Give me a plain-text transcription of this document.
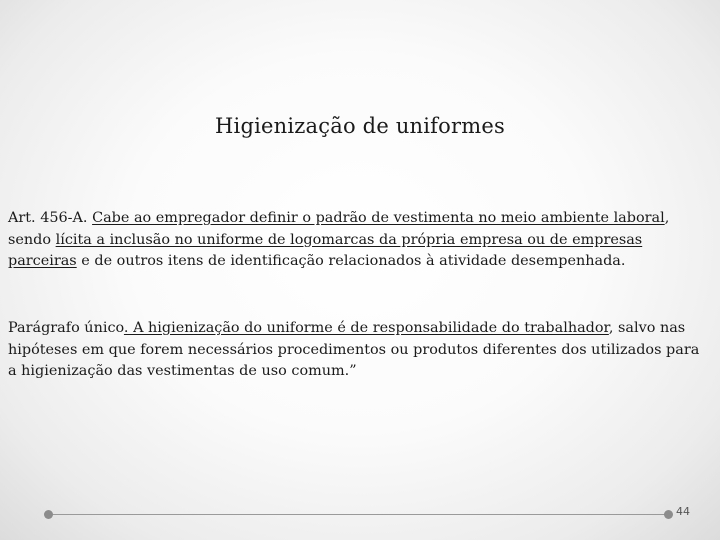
Higienização de uniformes
Art. 456-A. Cabe ao empregador definir o padrão de vestimenta no meio ambiente laboral, sendo lícita a inclusão no uniforme de logomarcas da própria empresa ou de empresas parceiras e de outros itens de identificação relacionados à atividade desempenhada.
Parágrafo único. A higienização do uniforme é de responsabilidade do trabalhador, salvo nas hipóteses em que forem necessários procedimentos ou produtos diferentes dos utilizados para a higienização das vestimentas de uso comum.”
44
